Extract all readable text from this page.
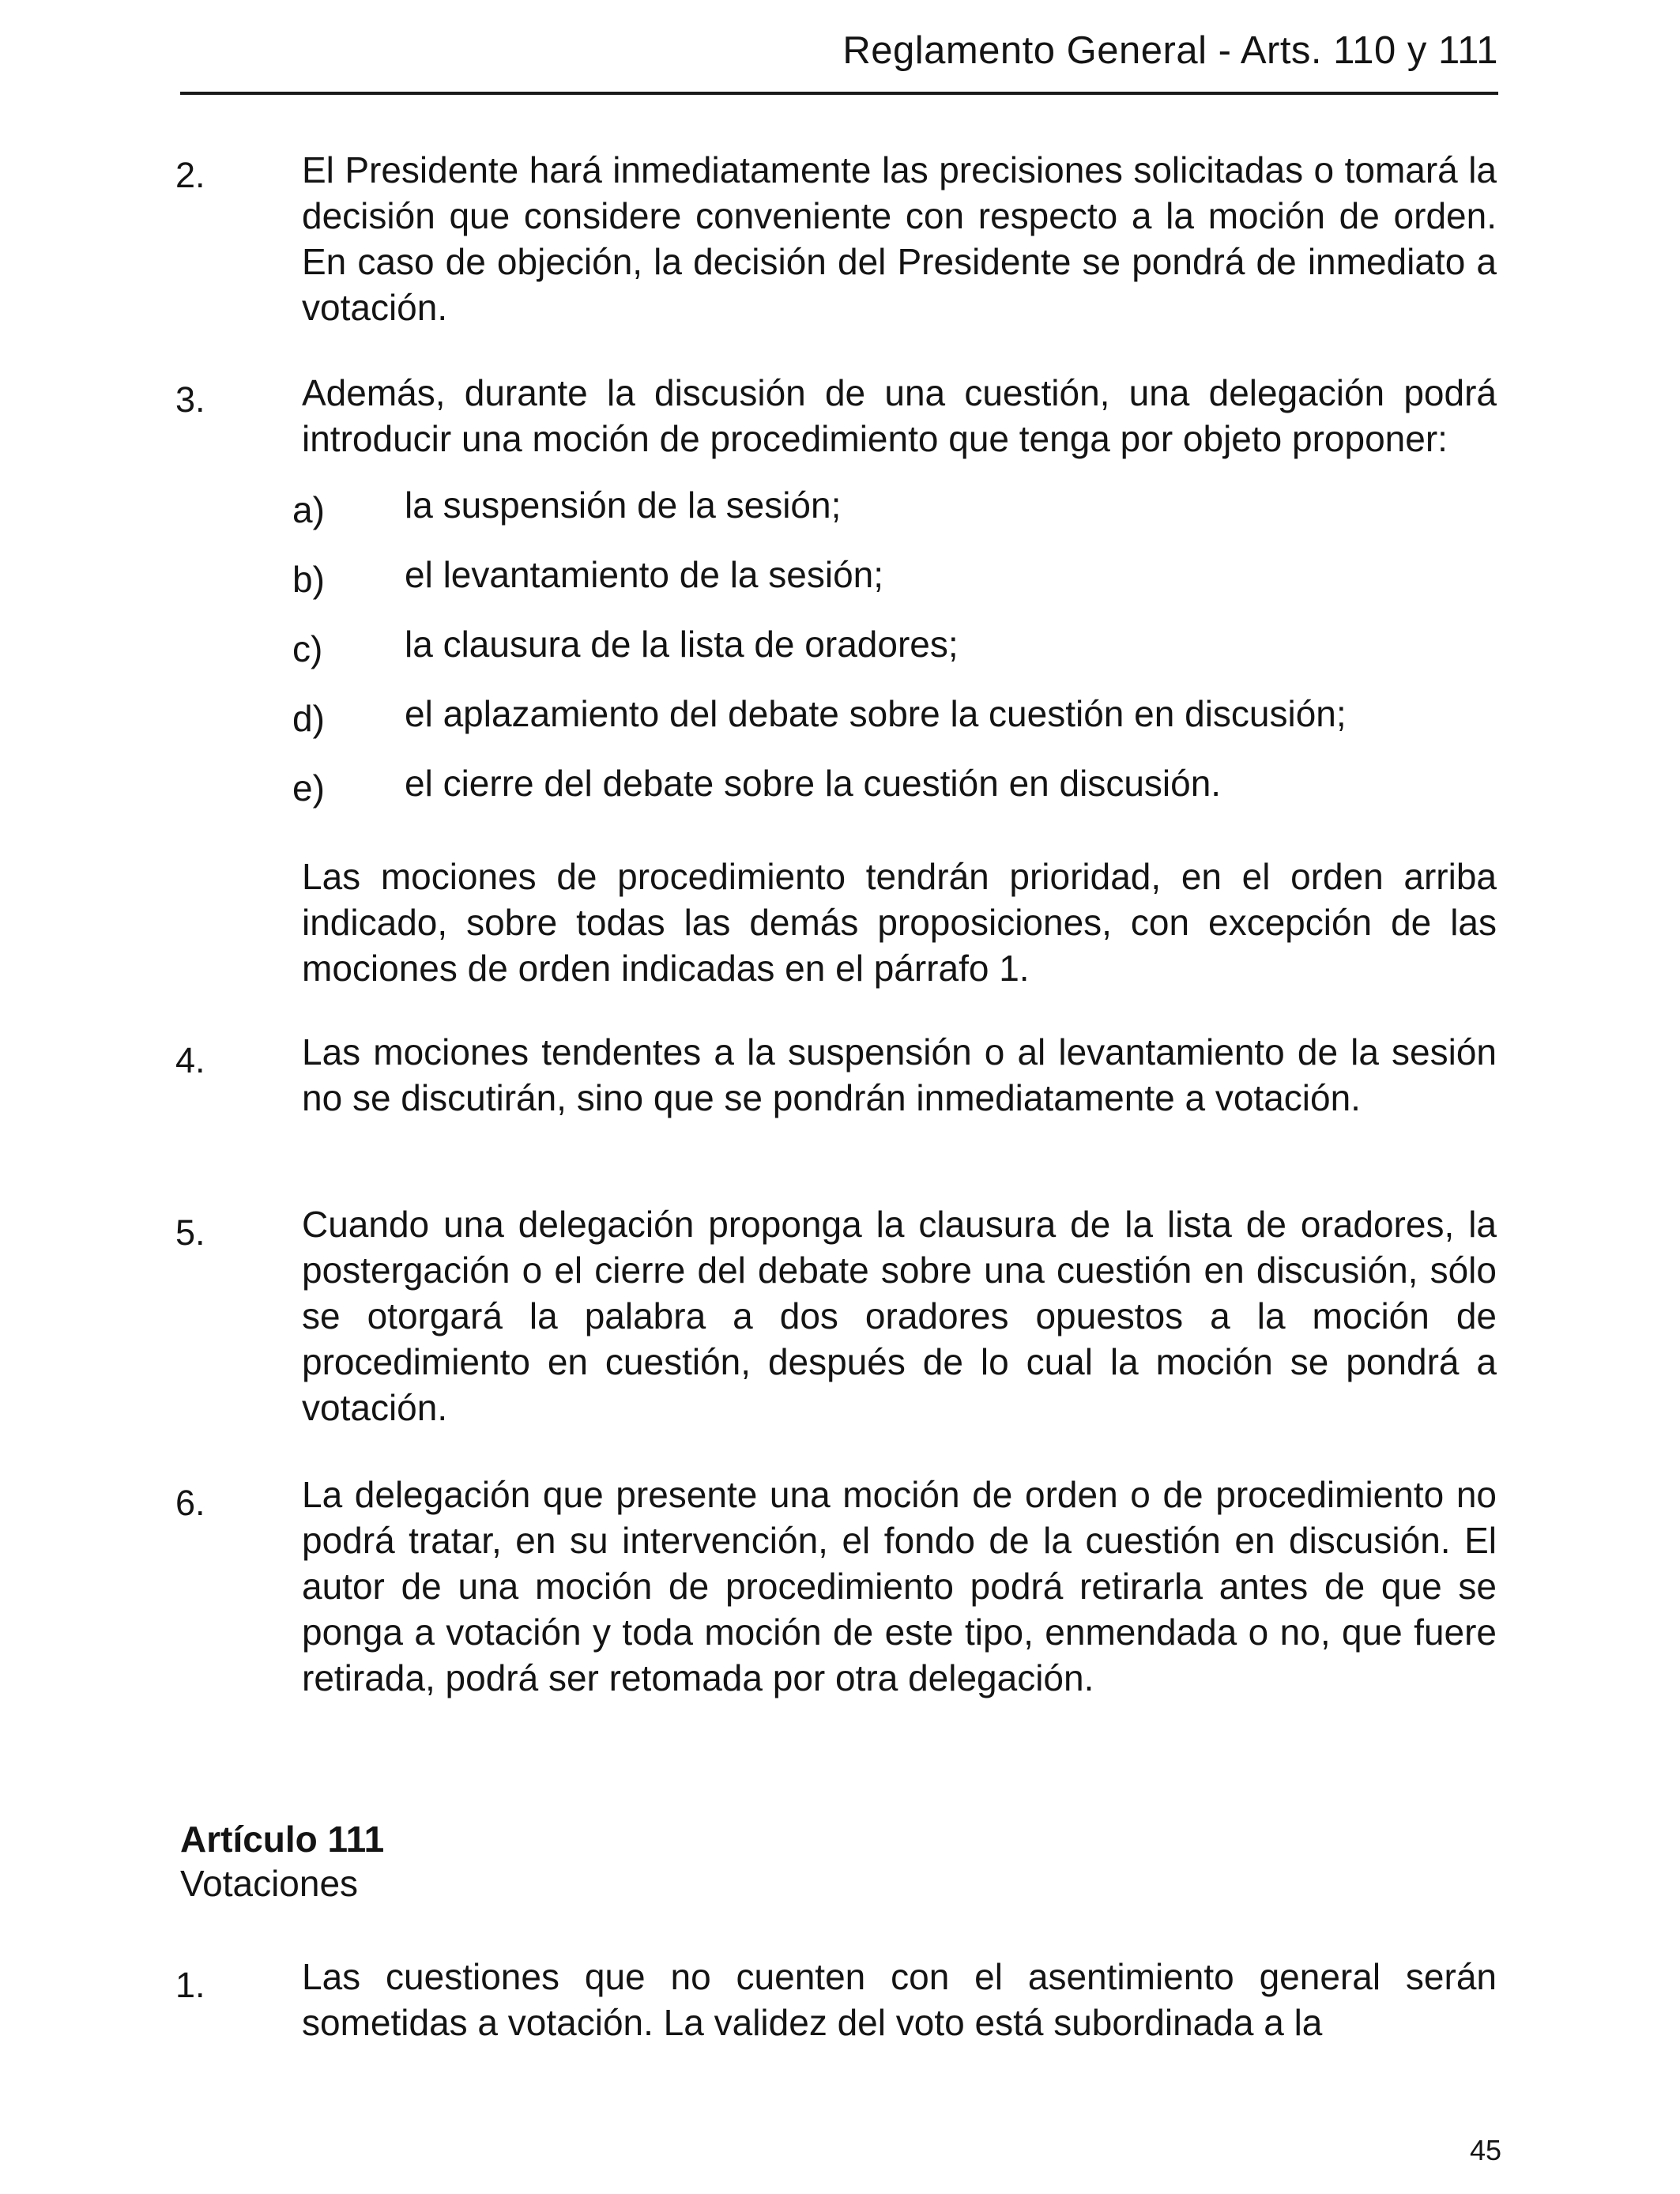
Reglamento General - Arts. 110 y 111
2.	El Presidente hará inmediatamente las precisiones solicitadas o tomará la decisión que considere conveniente con respecto a la moción de orden. En caso de objeción, la decisión del Presidente se pondrá de inmediato a votación.
3.	Además, durante la discusión de una cuestión, una delegación podrá introducir una moción de procedimiento que tenga por objeto proponer:
a) la suspensión de la sesión;
b) el levantamiento de la sesión;
c) la clausura de la lista de oradores;
d) el aplazamiento del debate sobre la cuestión en discusión;
e) el cierre del debate sobre la cuestión en discusión.
Las mociones de procedimiento tendrán prioridad, en el orden arriba indicado, sobre todas las demás proposiciones, con excepción de las mociones de orden indicadas en el párrafo 1.
4.	Las mociones tendentes a la suspensión o al levantamiento de la sesión no se discutirán, sino que se pondrán inmediatamente a votación.
5.	Cuando una delegación proponga la clausura de la lista de oradores, la postergación o el cierre del debate sobre una cuestión en discusión, sólo se otorgará la palabra a dos oradores opuestos a la moción de procedimiento en cuestión, después de lo cual la moción se pondrá a votación.
6.	La delegación que presente una moción de orden o de procedimiento no podrá tratar, en su intervención, el fondo de la cuestión en discusión. El autor de una moción de procedimiento podrá retirarla antes de que se ponga a votación y toda moción de este tipo, enmendada o no, que fuere retirada, podrá ser retomada por otra delegación.
Artículo 111
Votaciones
1.	Las cuestiones que no cuenten con el asentimiento general serán sometidas a votación. La validez del voto está subordinada a la
45
